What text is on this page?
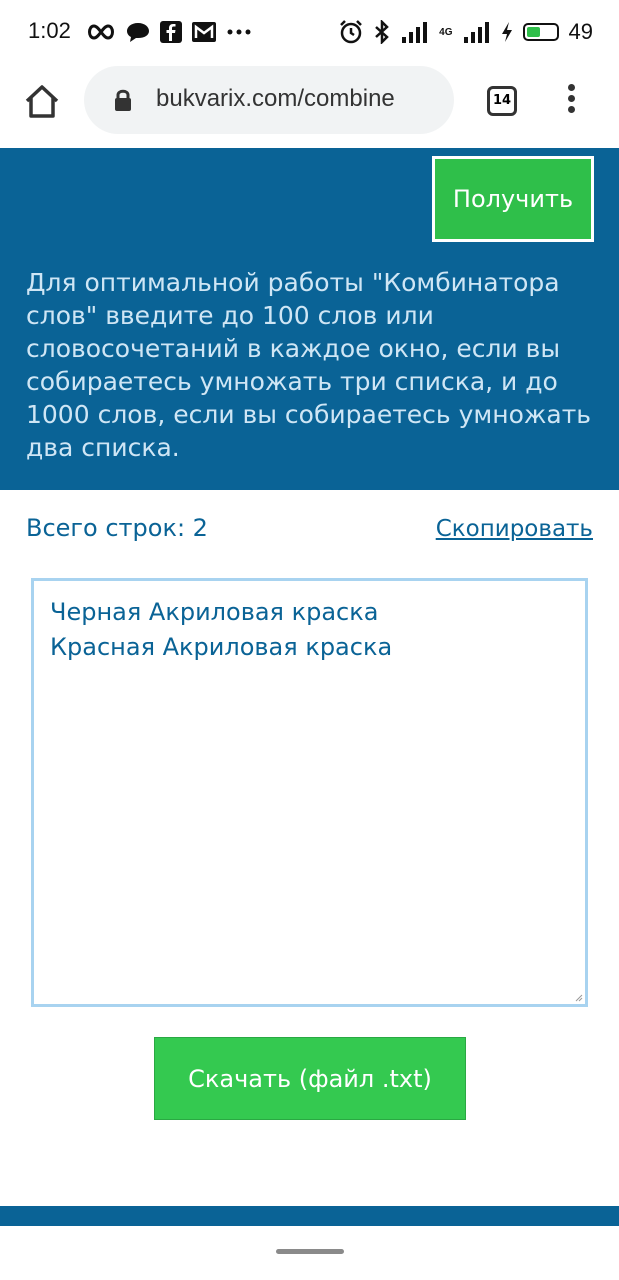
1:02	4G	49
bukvarix.com/combine	14
Получить

Для оптимальной работы "Комбинатора слов" введите до 100 слов или словосочетаний в каждое окно, если вы собираетесь умножать три списка, и до 1000 слов, если вы собираетесь умножать два списка.

Всего строк: 2	Скопировать
Черная Акриловая краска
Красная Акриловая краска
Скачать (файл .txt)
